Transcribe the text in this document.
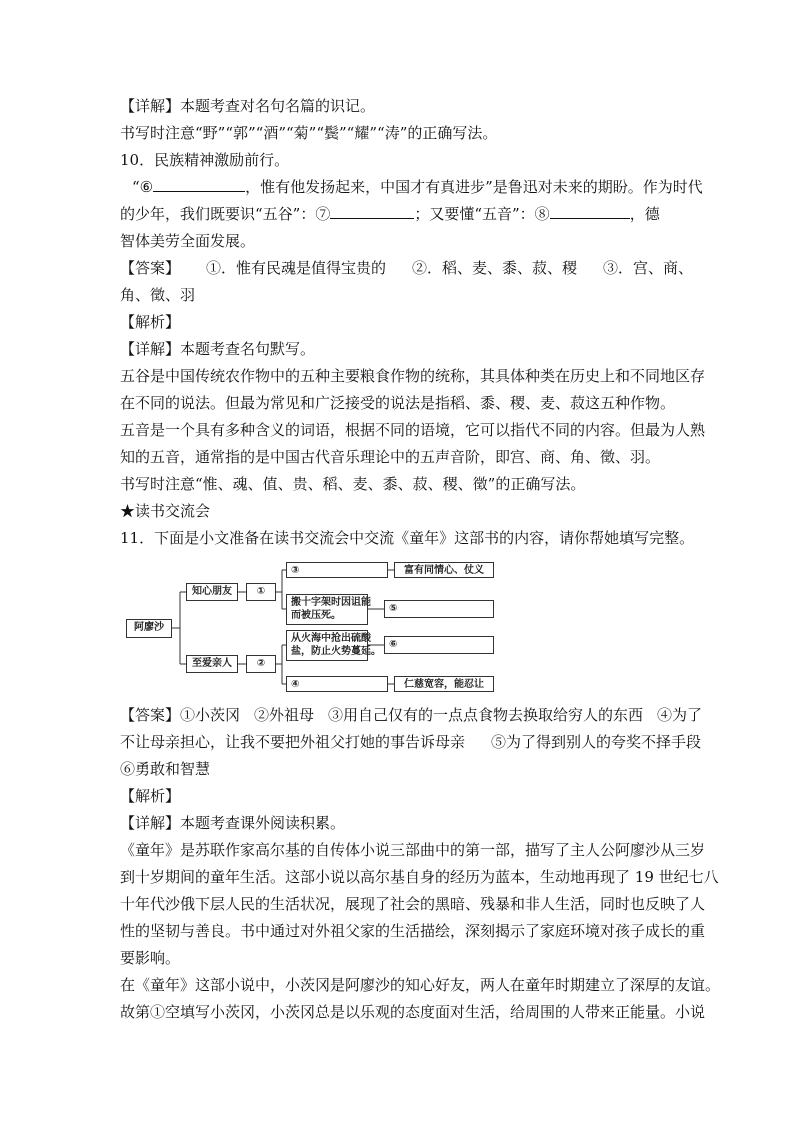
【详解】本题考查对名句名篇的识记。
书写时注意“野”“郭”“酒”“菊”“鬓”“耀”“涛”的正确写法。
10．民族精神激励前行。
“⑥	，惟有他发扬起来，中国才有真进步”是鲁迅对未来的期盼。作为时代
的少年，我们既要识“五谷”：⑦	；又要懂“五音”：⑧	，德
智体美劳全面发展。
【答案】 ①．惟有民魂是值得宝贵的 ②．稻、麦、黍、菽、稷 ③．宫、商、
角、徵、羽
【解析】
【详解】本题考查名句默写。
五谷是中国传统农作物中的五种主要粮食作物的统称，其具体种类在历史上和不同地区存
在不同的说法。但最为常见和广泛接受的说法是指稻、黍、稷、麦、菽这五种作物。
五音是一个具有多种含义的词语，根据不同的语境，它可以指代不同的内容。但最为人熟
知的五音，通常指的是中国古代音乐理论中的五声音阶，即宫、商、角、徵、羽。
书写时注意“惟、魂、值、贵、稻、麦、黍、菽、稷、徵”的正确写法。
★读书交流会
11．下面是小文准备在读书交流会中交流《童年》这部书的内容，请你帮她填写完整。
阿廖沙
知心朋友	①
至爱亲人	②
③	富有同情心、仗义
搬十字架时因诅能
而被压死。
⑤
从火海中抢出硫酸
盐，防止火势蔓延。
⑥
④	仁慈宽容，能忍让
【答案】①小茨冈 ②外祖母 ③用自己仅有的一点点食物去换取给穷人的东西 ④为了
不让母亲担心，让我不要把外祖父打她的事告诉母亲 ⑤为了得到别人的夸奖不择手段
⑥勇敢和智慧
【解析】
【详解】本题考查课外阅读积累。
《童年》是苏联作家高尔基的自传体小说三部曲中的第一部，描写了主人公阿廖沙从三岁
到十岁期间的童年生活。这部小说以高尔基自身的经历为蓝本，生动地再现了 19 世纪七八
十年代沙俄下层人民的生活状况，展现了社会的黑暗、残暴和非人生活，同时也反映了人
性的坚韧与善良。书中通过对外祖父家的生活描绘，深刻揭示了家庭环境对孩子成长的重
要影响。
在《童年》这部小说中，小茨冈是阿廖沙的知心好友，两人在童年时期建立了深厚的友谊。
故第①空填写小茨冈，小茨冈总是以乐观的态度面对生活，给周围的人带来正能量。小说
